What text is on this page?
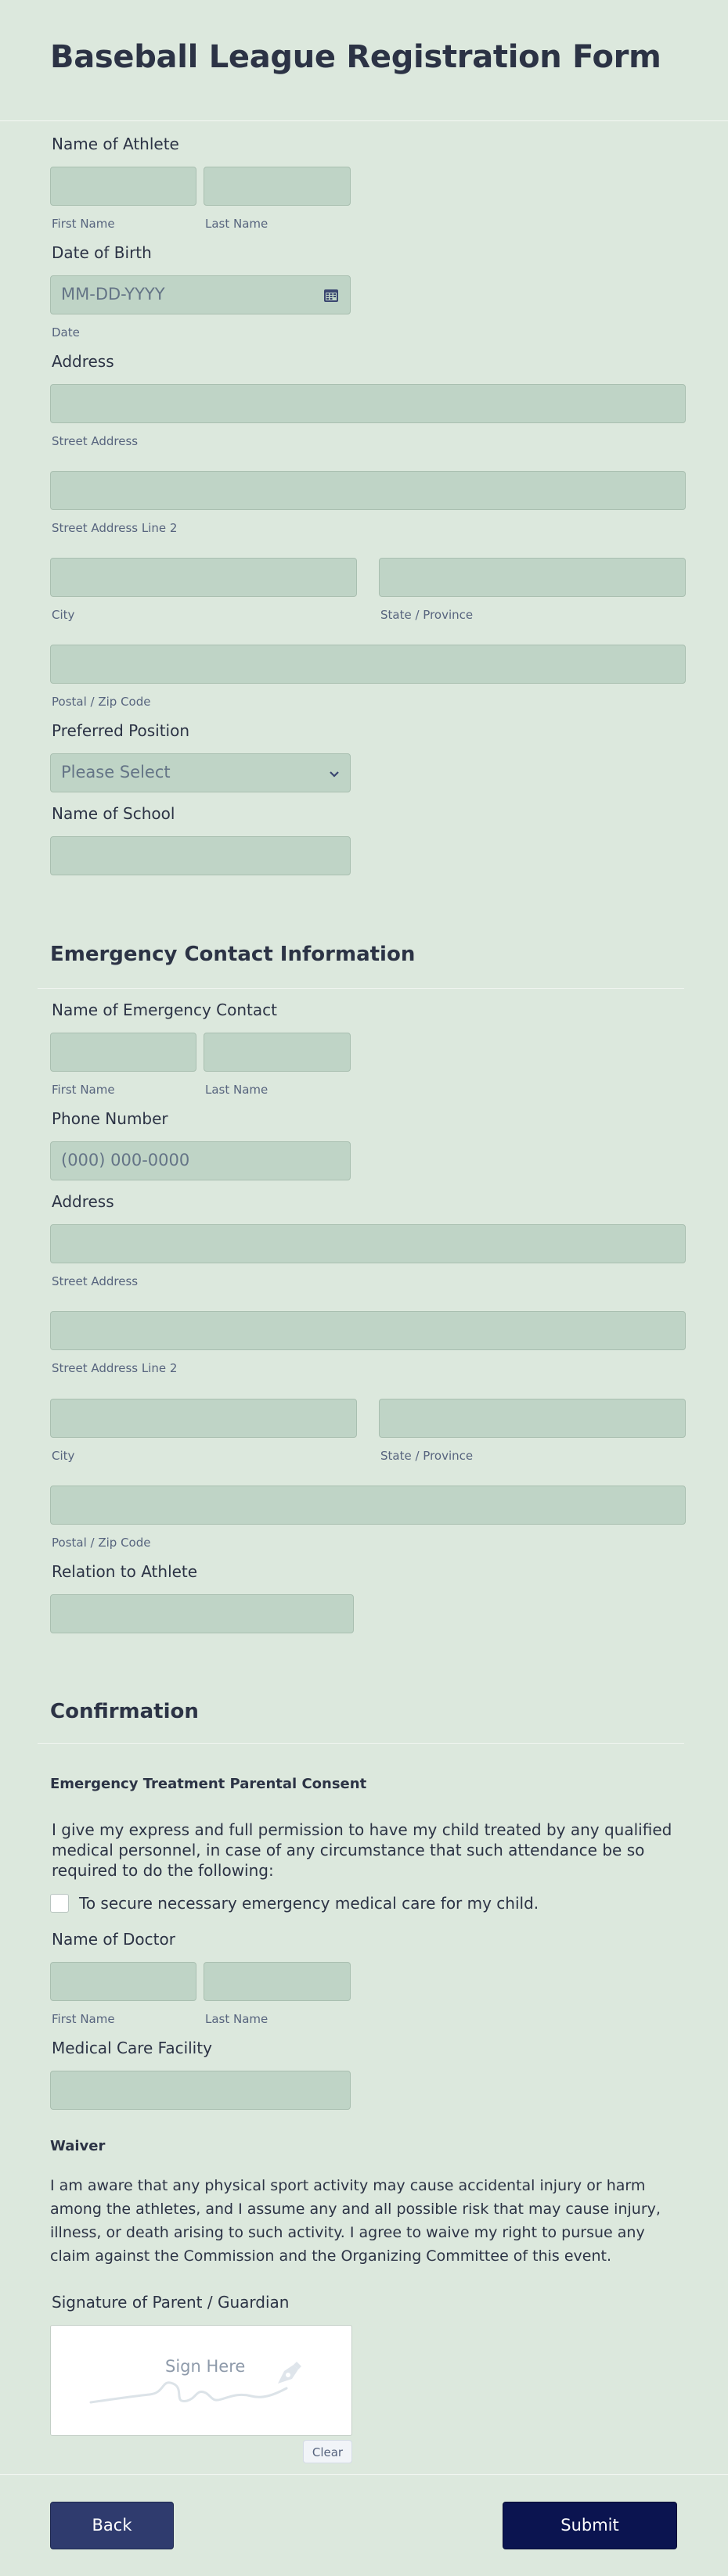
Baseball League Registration Form
Name of Athlete
First Name	Last Name
Date of Birth
MM-DD-YYYY
Date
Address
Street Address
Street Address Line 2
City	State / Province
Postal / Zip Code
Preferred Position
Please Select
Name of School
Emergency Contact Information
Name of Emergency Contact
First Name	Last Name
Phone Number
(000) 000-0000
Address
Street Address
Street Address Line 2
City	State / Province
Postal / Zip Code
Relation to Athlete
Confirmation
Emergency Treatment Parental Consent
I give my express and full permission to have my child treated by any qualified medical personnel, in case of any circumstance that such attendance be so required to do the following:
To secure necessary emergency medical care for my child.
Name of Doctor
First Name	Last Name
Medical Care Facility
Waiver
I am aware that any physical sport activity may cause accidental injury or harm among the athletes, and I assume any and all possible risk that may cause injury, illness, or death arising to such activity. I agree to waive my right to pursue any claim against the Commission and the Organizing Committee of this event.
Signature of Parent / Guardian
Sign Here
Clear
Back	Submit
